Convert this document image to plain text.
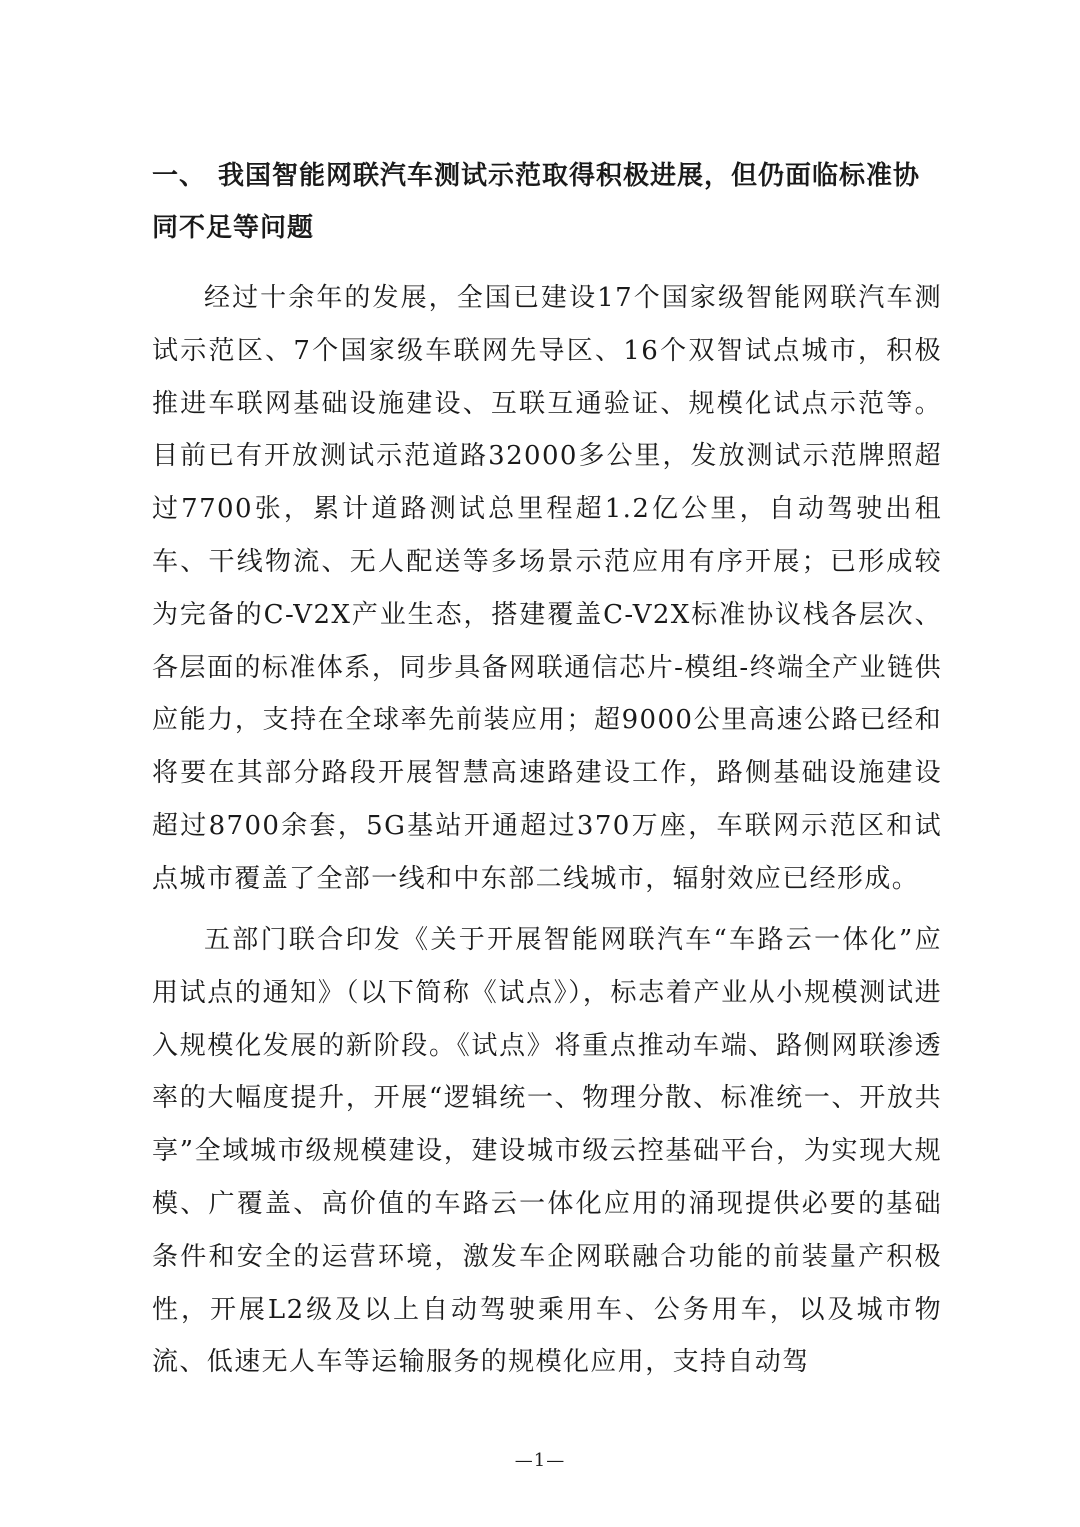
一、 我国智能网联汽车测试示范取得积极进展，但仍面临标准协同不足等问题

经过十余年的发展，全国已建设17个国家级智能网联汽车测试示范区、7个国家级车联网先导区、16个双智试点城市，积极推进车联网基础设施建设、互联互通验证、规模化试点示范等。目前已有开放测试示范道路32000多公里，发放测试示范牌照超过7700张，累计道路测试总里程超1.2亿公里，自动驾驶出租车、干线物流、无人配送等多场景示范应用有序开展；已形成较为完备的C-V2X产业生态，搭建覆盖C-V2X标准协议栈各层次、各层面的标准体系，同步具备网联通信芯片-模组-终端全产业链供应能力，支持在全球率先前装应用；超9000公里高速公路已经和将要在其部分路段开展智慧高速路建设工作，路侧基础设施建设超过8700余套，5G基站开通超过370万座，车联网示范区和试点城市覆盖了全部一线和中东部二线城市，辐射效应已经形成。

五部门联合印发《关于开展智能网联汽车“车路云一体化”应用试点的通知》（以下简称《试点》），标志着产业从小规模测试进入规模化发展的新阶段。《试点》将重点推动车端、路侧网联渗透率的大幅度提升，开展“逻辑统一、物理分散、标准统一、开放共享”全域城市级规模建设，建设城市级云控基础平台，为实现大规模、广覆盖、高价值的车路云一体化应用的涌现提供必要的基础条件和安全的运营环境，激发车企网联融合功能的前装量产积极性，开展L2级及以上自动驾驶乘用车、公务用车，以及城市物流、低速无人车等运输服务的规模化应用，支持自动驾

—1—
